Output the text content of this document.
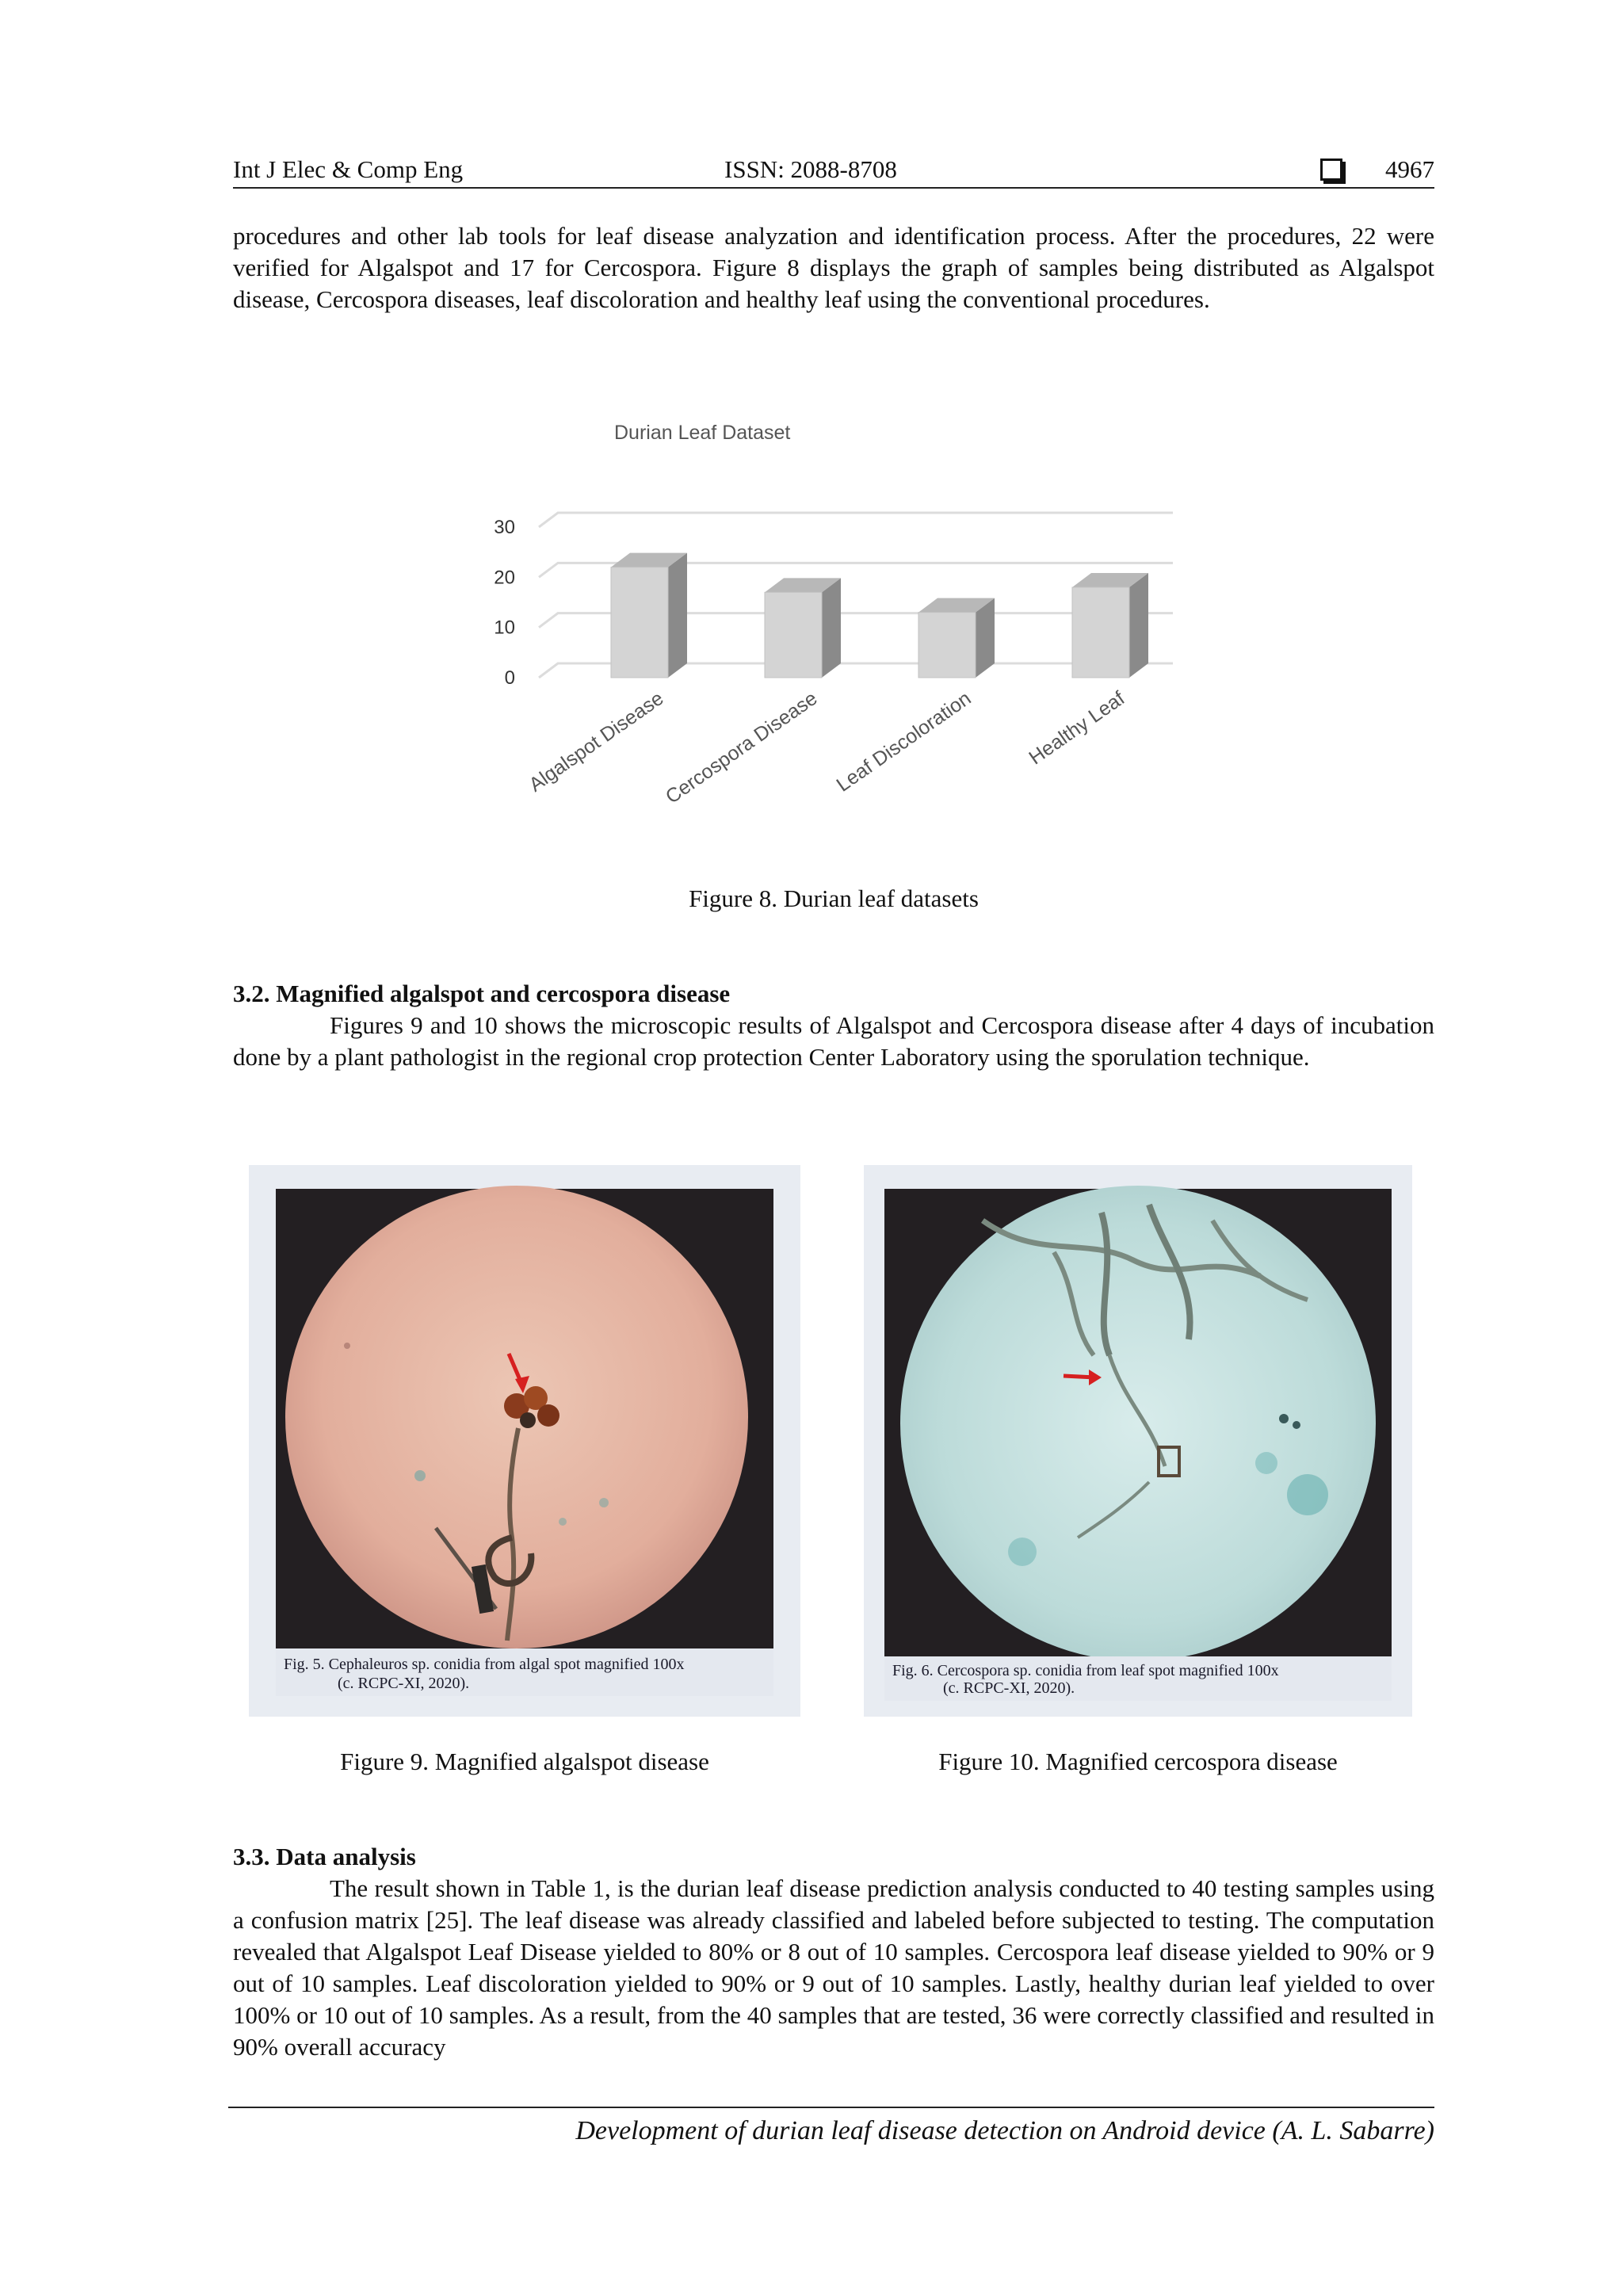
Int J Elec & Comp Eng	ISSN: 2088-8708	4967

procedures and other lab tools for leaf disease analyzation and identification process. After the procedures, 22 were verified for Algalspot and 17 for Cercospora. Figure 8 displays the graph of samples being distributed as Algalspot disease, Cercospora diseases, leaf discoloration and healthy leaf using the conventional procedures.

0
10
20
30
Algalspot Disease
Cercospora Disease Leaf Discoloration	Healthy Leaf
Durian Leaf Dataset
Figure 8. Durian leaf datasets
3.2. Magnified algalspot and cercospora disease

Figures 9 and 10 shows the microscopic results of Algalspot and Cercospora disease after 4 days of incubation done by a plant pathologist in the regional crop protection Center Laboratory using the sporulation technique.

Fig. 5. Cephaleuros sp. conidia from algal spot magnified 100x
(c. RCPC-XI, 2020).
Fig. 6. Cercospora sp. conidia from leaf spot magnified 100x
(c. RCPC-XI, 2020).
Figure 9. Magnified algalspot disease	Figure 10. Magnified cercospora disease
3.3. Data analysis

The result shown in Table 1, is the durian leaf disease prediction analysis conducted to 40 testing samples using a confusion matrix [25]. The leaf disease was already classified and labeled before subjected to testing. The computation revealed that Algalspot Leaf Disease yielded to 80% or 8 out of 10 samples. Cercospora leaf disease yielded to 90% or 9 out of 10 samples. Leaf discoloration yielded to 90% or 9 out of 10 samples. Lastly, healthy durian leaf yielded to over 100% or 10 out of 10 samples. As a result, from the 40 samples that are tested, 36 were correctly classified and resulted in 90% overall accuracy

Development of durian leaf disease detection on Android device (A. L. Sabarre)
